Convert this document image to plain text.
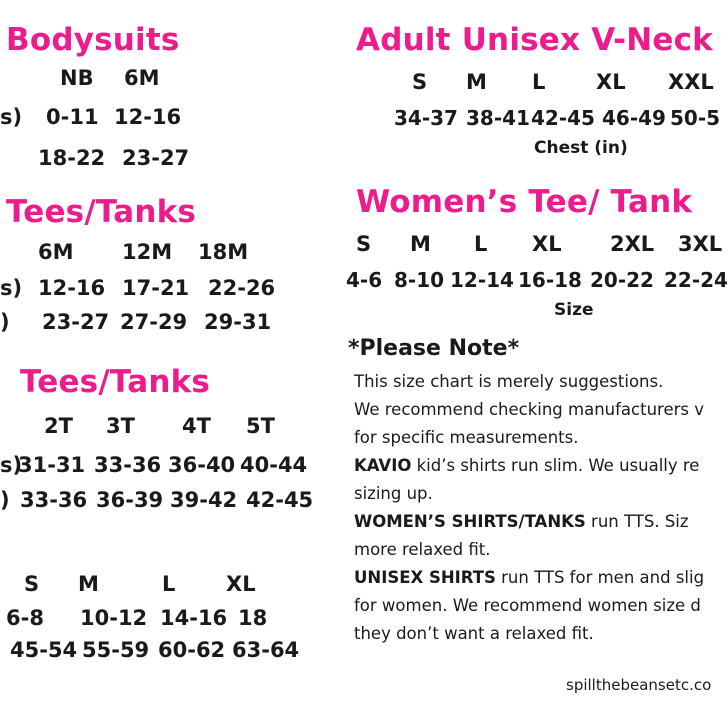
Bodysuits
NB 6M
s) 0-11 12-16
18-22 23-27
Tees/Tanks
6M 12M 18M
s) 12-16 17-21 22-26
) 23-27 27-29 29-31
Tees/Tanks
2T 3T 4T 5T
s)
31-31 33-36 36-40 40-44
) 33-36 36-39 39-42 42-45
S M	L XL
6-8 10-12 14-16 18
45-54 55-59 60-62 63-64
Adult Unisex V-Neck
S M L XL XXL
34-37 38-41 42-45 46-49 50-5
Chest (in)
Women’s Tee/ Tank
S M L XL 2XL 3XL
4-6 8-10 12-14 16-18 20-22 22-24
Size
*Please Note*
This size chart is merely suggestions.
We recommend checking manufacturers v
for specific measurements.
KAVIO kid’s shirts run slim. We usually re
sizing up.
WOMEN’S SHIRTS/TANKS run TTS. Siz
more relaxed fit.
UNISEX SHIRTS run TTS for men and slig
for women. We recommend women size d
they don’t want a relaxed fit.
spillthebeansetc.co
